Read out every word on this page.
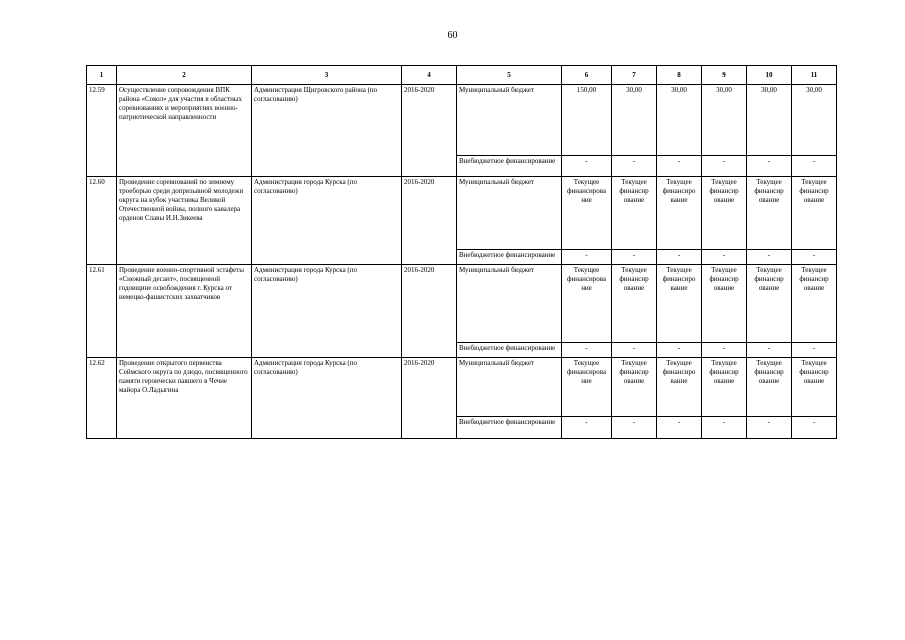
60
1	2	3	4	5	6	7	8	9	10	11
12.59	Осуществление сопровождения ВПК района «Сокол» для участия в областных соревнованиях и мероприятиях военно-патриотической направленности	Администрация Щигровского района (по согласованию)	2016-2020	Муниципальный бюджет	150,00	30,00	30,00	30,00	30,00	30,00
				Внебюджетное финансирование	-	-	-	-	-	-
12.60	Проведение соревнований по зимнему троеборью среди допризывной молодежи округа на кубок участника Великой Отечественной войны, полного кавалера орденов Славы И.Н.Зикеева	Администрация города Курска (по согласованию)	2016-2020	Муниципальный бюджет	Текущее финансирова ние	Текущее финансир ование	Текущее финансиро вание	Текущее финансир ование	Текущее финансир ование	Текущее финансир ование
				Внебюджетное финансирование	-	-	-	-	-	-
12.61	Проведение военно-спортивной эстафеты «Снежный десант», посвященной годовщине освобождения г. Курска от немецко-фашистских захватчиков	Администрация города Курска (по согласованию)	2016-2020	Муниципальный бюджет	Текущее финансирова ние	Текущее финансир ование	Текущее финансиро вание	Текущее финансир ование	Текущее финансир ование	Текущее финансир ование
				Внебюджетное финансирование	-	-	-	-	-	-
12.62	Проведение открытого первенства Сеймского округа по дзюдо, посвященного памяти героически павшего в Чечне майора О.Ладыгина	Администрация города Курска (по согласованию)	2016-2020	Муниципальный бюджет	Текущее финансирова ние	Текущее финансир ование	Текущее финансиро вание	Текущее финансир ование	Текущее финансир ование	Текущее финансир ование
				Внебюджетное финансирование	-	-	-	-	-	-
